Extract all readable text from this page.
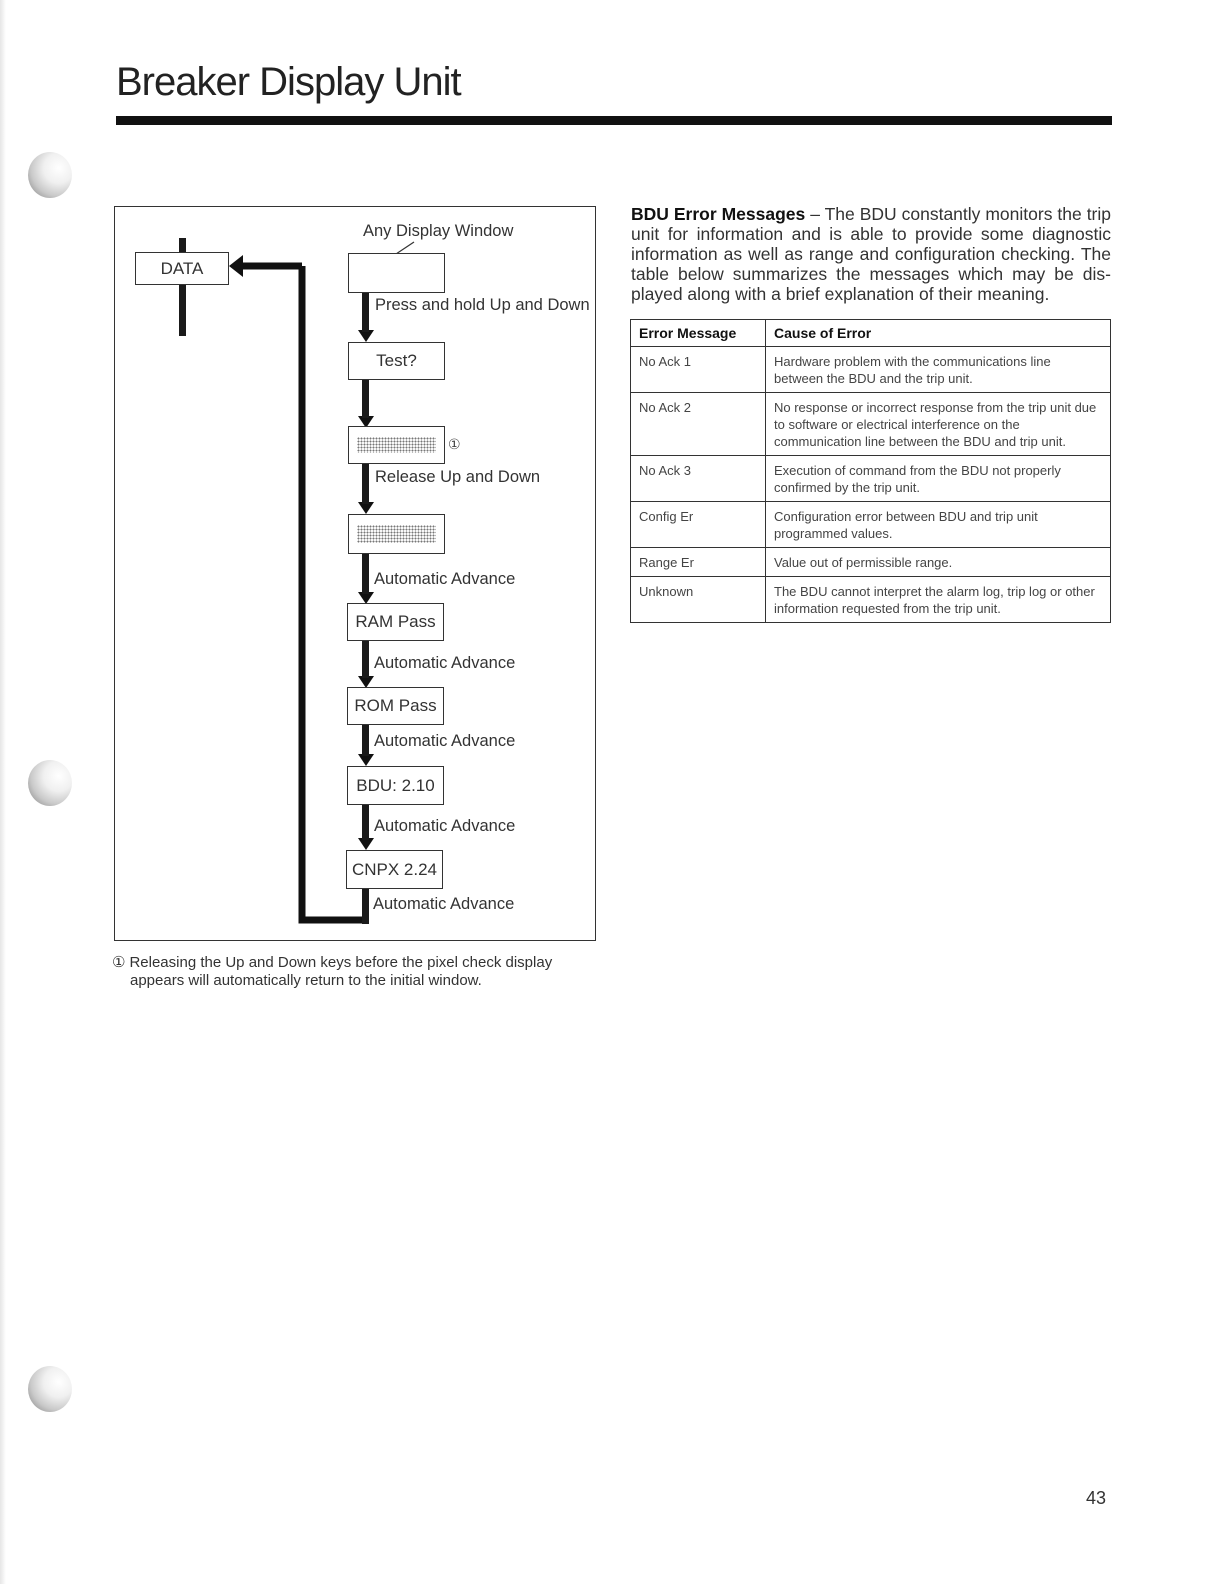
Breaker Display Unit
DATA
Any Display Window
Press and hold Up and Down
Test?
①
Release Up and Down
Automatic Advance
RAM Pass
Automatic Advance
ROM Pass
Automatic Advance
BDU: 2.10
Automatic Advance
CNPX 2.24
Automatic Advance
① Releasing the Up and Down keys before the pixel check display
appears will automatically return to the initial window.

BDU Error Messages – The BDU constantly monitors the trip unit for information and is able to provide some diagnostic information as well as range and configuration checking. The table below summarizes the messages which may be dis-played along with a brief explanation of their meaning.

Error Message	Cause of Error
No Ack 1	Hardware problem with the communications line between the BDU and the trip unit.
No Ack 2	No response or incorrect response from the trip unit due to software or electrical interference on the communication line between the BDU and trip unit.
No Ack 3	Execution of command from the BDU not properly confirmed by the trip unit.
Config Er	Configuration error between BDU and trip unit programmed values.
Range Er	Value out of permissible range.
Unknown	The BDU cannot interpret the alarm log, trip log or other information requested from the trip unit.
43
